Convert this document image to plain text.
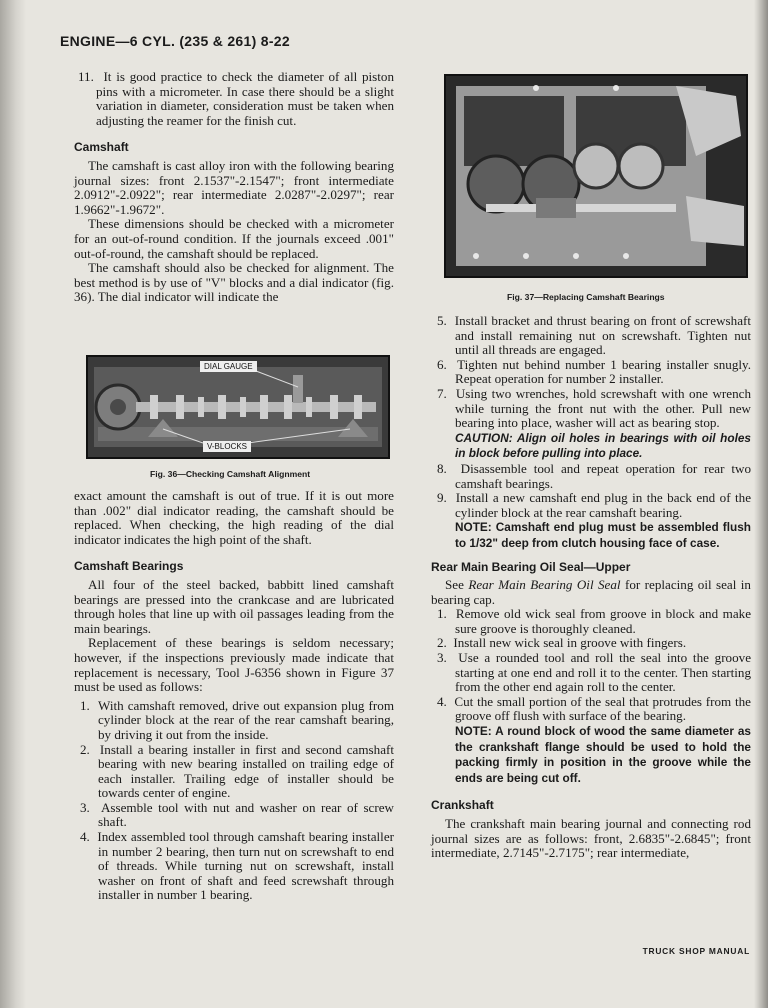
ENGINE—6 CYL. (235 & 261) 8-22

11. It is good practice to check the diameter of all piston pins with a micrometer. In case there should be a slight variation in diameter, consideration must be taken when adjusting the reamer for the finish cut.

Camshaft

The camshaft is cast alloy iron with the following bearing journal sizes: front 2.1537"-2.1547"; front intermediate 2.0912"-2.0922"; rear intermediate 2.0287"-2.0297"; rear 1.9662"-1.9672".

These dimensions should be checked with a micrometer for an out-of-round condition. If the journals exceed .001" out-of-round, the camshaft should be replaced.

The camshaft should also be checked for alignment. The best method is by use of "V" blocks and a dial indicator (fig. 36). The dial indicator will indicate the

DIAL GAUGE
V-BLOCKS
Fig. 36—Checking Camshaft Alignment

exact amount the camshaft is out of true. If it is out more than .002" dial indicator reading, the camshaft should be replaced. When checking, the high reading of the dial indicator indicates the high point of the shaft.

Camshaft Bearings

All four of the steel backed, babbitt lined camshaft bearings are pressed into the crankcase and are lubricated through holes that line up with oil passages leading from the main bearings.

Replacement of these bearings is seldom necessary; however, if the inspections previously made indicate that replacement is necessary, Tool J-6356 shown in Figure 37 must be used as follows:

1. With camshaft removed, drive out expansion plug from cylinder block at the rear of the rear camshaft bearing, by driving it out from the inside.

2. Install a bearing installer in first and second camshaft bearing with new bearing installed on trailing edge of each installer. Trailing edge of installer should be towards center of engine.

3. Assemble tool with nut and washer on rear of screw shaft.

4. Index assembled tool through camshaft bearing installer in number 2 bearing, then turn nut on screwshaft to end of threads. While turning nut on screwshaft, install washer on front of shaft and feed screwshaft through installer in number 1 bearing.

Fig. 37—Replacing Camshaft Bearings

5. Install bracket and thrust bearing on front of screwshaft and install remaining nut on screwshaft. Tighten nut until all threads are engaged.

6. Tighten nut behind number 1 bearing installer snugly. Repeat operation for number 2 installer.

7. Using two wrenches, hold screwshaft with one wrench while turning the front nut with the other. Pull new bearing into place, washer will act as bearing stop.

CAUTION: Align oil holes in bearings with oil holes in block before pulling into place.

8. Disassemble tool and repeat operation for rear two camshaft bearings.

9. Install a new camshaft end plug in the back end of the cylinder block at the rear camshaft bearing.

NOTE: Camshaft end plug must be assembled flush to 1/32" deep from clutch housing face of case.

Rear Main Bearing Oil Seal—Upper

See Rear Main Bearing Oil Seal for replacing oil seal in bearing cap.

1. Remove old wick seal from groove in block and make sure groove is thoroughly cleaned.

2. Install new wick seal in groove with fingers.

3. Use a rounded tool and roll the seal into the groove starting at one end and roll it to the center. Then starting from the other end again roll to the center.

4. Cut the small portion of the seal that protrudes from the groove off flush with surface of the bearing.

NOTE: A round block of wood the same diameter as the crankshaft flange should be used to hold the packing firmly in position in the groove while the ends are being cut off.

Crankshaft

The crankshaft main bearing journal and connecting rod journal sizes are as follows: front, 2.6835"-2.6845"; front intermediate, 2.7145"-2.7175"; rear intermediate,

TRUCK SHOP MANUAL
